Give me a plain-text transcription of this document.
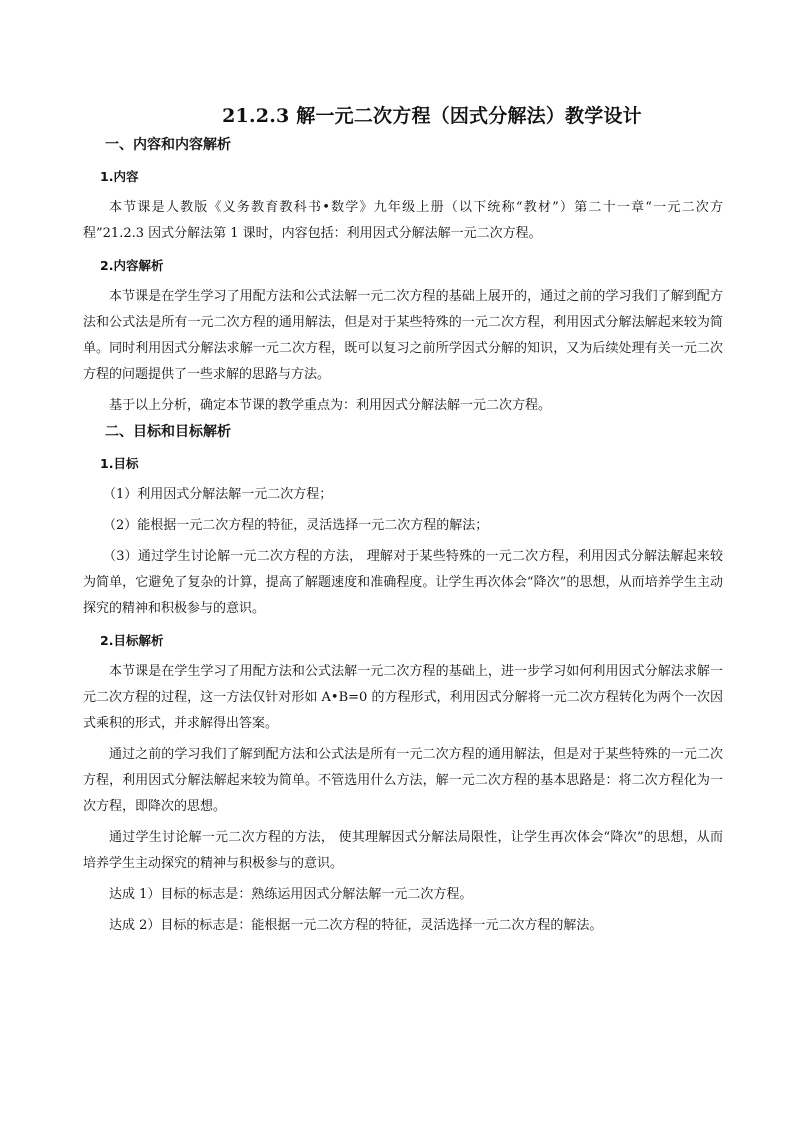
21.2.3 解一元二次方程（因式分解法）教学设计
一、内容和内容解析
1.内容
本节课是人教版《义务教育教科书•数学》九年级上册（以下统称“教材”）第二十一章“一元二次方程”21.2.3 因式分解法第 1 课时，内容包括：利用因式分解法解一元二次方程。
2.内容解析
本节课是在学生学习了用配方法和公式法解一元二次方程的基础上展开的，通过之前的学习我们了解到配方法和公式法是所有一元二次方程的通用解法，但是对于某些特殊的一元二次方程，利用因式分解法解起来较为简单。同时利用因式分解法求解一元二次方程，既可以复习之前所学因式分解的知识，又为后续处理有关一元二次方程的问题提供了一些求解的思路与方法。
基于以上分析，确定本节课的教学重点为：利用因式分解法解一元二次方程。
二、目标和目标解析
1.目标
（1）利用因式分解法解一元二次方程；
（2）能根据一元二次方程的特征，灵活选择一元二次方程的解法；
（3）通过学生讨论解一元二次方程的方法， 理解对于某些特殊的一元二次方程，利用因式分解法解起来较为简单，它避免了复杂的计算，提高了解题速度和准确程度。让学生再次体会“降次”的思想，从而培养学生主动探究的精神和积极参与的意识。
2.目标解析
本节课是在学生学习了用配方法和公式法解一元二次方程的基础上，进一步学习如何利用因式分解法求解一元二次方程的过程，这一方法仅针对形如 A•B=0 的方程形式，利用因式分解将一元二次方程转化为两个一次因式乘积的形式，并求解得出答案。
通过之前的学习我们了解到配方法和公式法是所有一元二次方程的通用解法，但是对于某些特殊的一元二次方程，利用因式分解法解起来较为简单。不管选用什么方法，解一元二次方程的基本思路是：将二次方程化为一次方程，即降次的思想。
通过学生讨论解一元二次方程的方法， 使其理解因式分解法局限性，让学生再次体会“降次”的思想，从而培养学生主动探究的精神与积极参与的意识。
达成 1）目标的标志是：熟练运用因式分解法解一元二次方程。
达成 2）目标的标志是：能根据一元二次方程的特征，灵活选择一元二次方程的解法。
